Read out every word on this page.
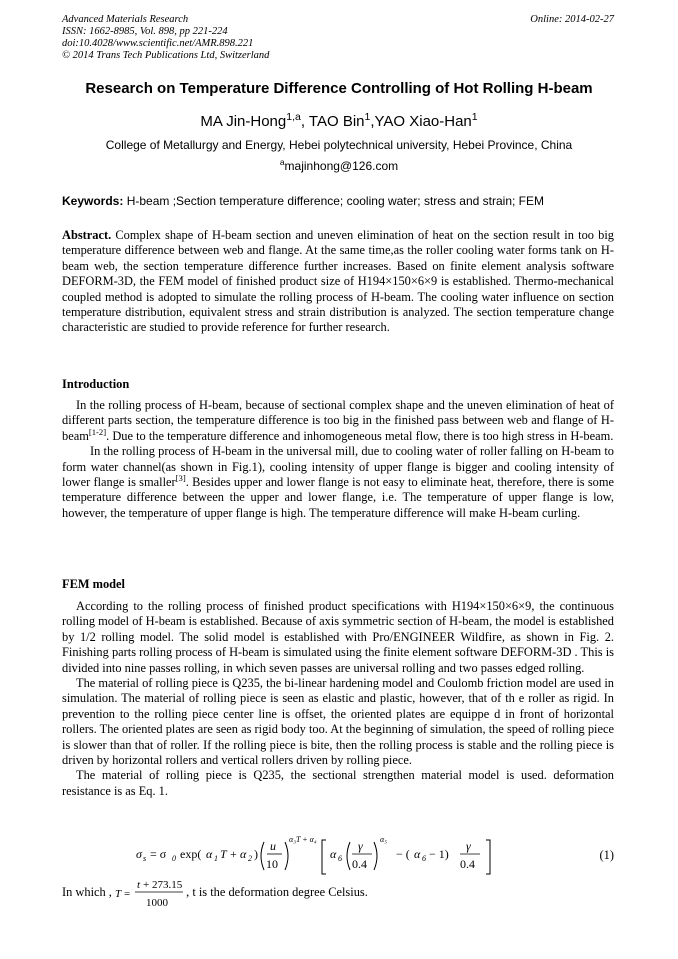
Advanced Materials Research
ISSN: 1662-8985, Vol. 898, pp 221-224
doi:10.4028/www.scientific.net/AMR.898.221
© 2014 Trans Tech Publications Ltd, Switzerland
Online: 2014-02-27
Research on Temperature Difference Controlling of Hot Rolling H-beam
MA Jin-Hong$^{1,a}$, TAO Bin$^1$,YAO Xiao-Han$^1$
College of Metallurgy and Energy, Hebei polytechnical university, Hebei Province, China
$^a$majinhong@126.com
Keywords: H-beam ;Section temperature difference; cooling water; stress and strain; FEM

Abstract. Complex shape of H-beam section and uneven elimination of heat on the section result in too big temperature difference between web and flange. At the same time,as the roller cooling water forms tank on H-beam web, the section temperature difference further increases. Based on finite element analysis software DEFORM-3D, the FEM model of finished product size of H194×150×6×9 is established. Thermo-mechanical coupled method is adopted to simulate the rolling process of H-beam. The cooling water influence on section temperature distribution, equivalent stress and strain distribution is analyzed. The section temperature change characteristic are studied to provide reference for further research.

Introduction

In the rolling process of H-beam, because of sectional complex shape and the uneven elimination of heat of different parts section, the temperature difference is too big in the finished pass between web and flange of H-beam[1-2]. Due to the temperature difference and inhomogeneous metal flow, there is too high stress in H-beam.

In the rolling process of H-beam in the universal mill, due to cooling water of roller falling on H-beam to form water channel(as shown in Fig.1), cooling intensity of upper flange is bigger and cooling intensity of lower flange is smaller[3]. Besides upper and lower flange is not easy to eliminate heat, therefore, there is some temperature difference between the upper and lower flange, i.e. The temperature of upper flange is low, however, the temperature of upper flange is high. The temperature difference will make H-beam curling.

FEM model

According to the rolling process of finished product specifications with H194×150×6×9, the continuous rolling model of H-beam is established. Because of axis symmetric section of H-beam, the model is established by 1/2 rolling model. The solid model is established with Pro/ENGINEER Wildfire, as shown in Fig. 2. Finishing parts rolling process of H-beam is simulated using the finite element software DEFORM-3D . This is divided into nine passes rolling, in which seven passes are universal rolling and two passes edged rolling.

The material of rolling piece is Q235, the bi-linear hardening model and Coulomb friction model are used in simulation. The material of rolling piece is seen as elastic and plastic, however, that of th e roller as rigid. In prevention to the rolling piece center line is offset, the oriented plates are equippe d in front of horizontal rollers. The oriented plates are seen as rigid body too. At the beginning of simulation, the speed of rolling piece is slower than that of roller. If the rolling piece is bite, then the rolling process is stable and the rolling piece is driven by horizontal rollers and vertical rollers driven by rolling piece.

The material of rolling piece is Q235, the sectional strengthen material model is used. deformation resistance is as Eq. 1.

σ s = σ 0 exp( α 1 T + α 2 )
u
10
α₃T + α₄
α 6
γ
0.4
α₅
− ( α 6 − 1)
γ
0.4
(1)
In which , T =
t + 273.15
1000
, t is the deformation degree Celsius.
